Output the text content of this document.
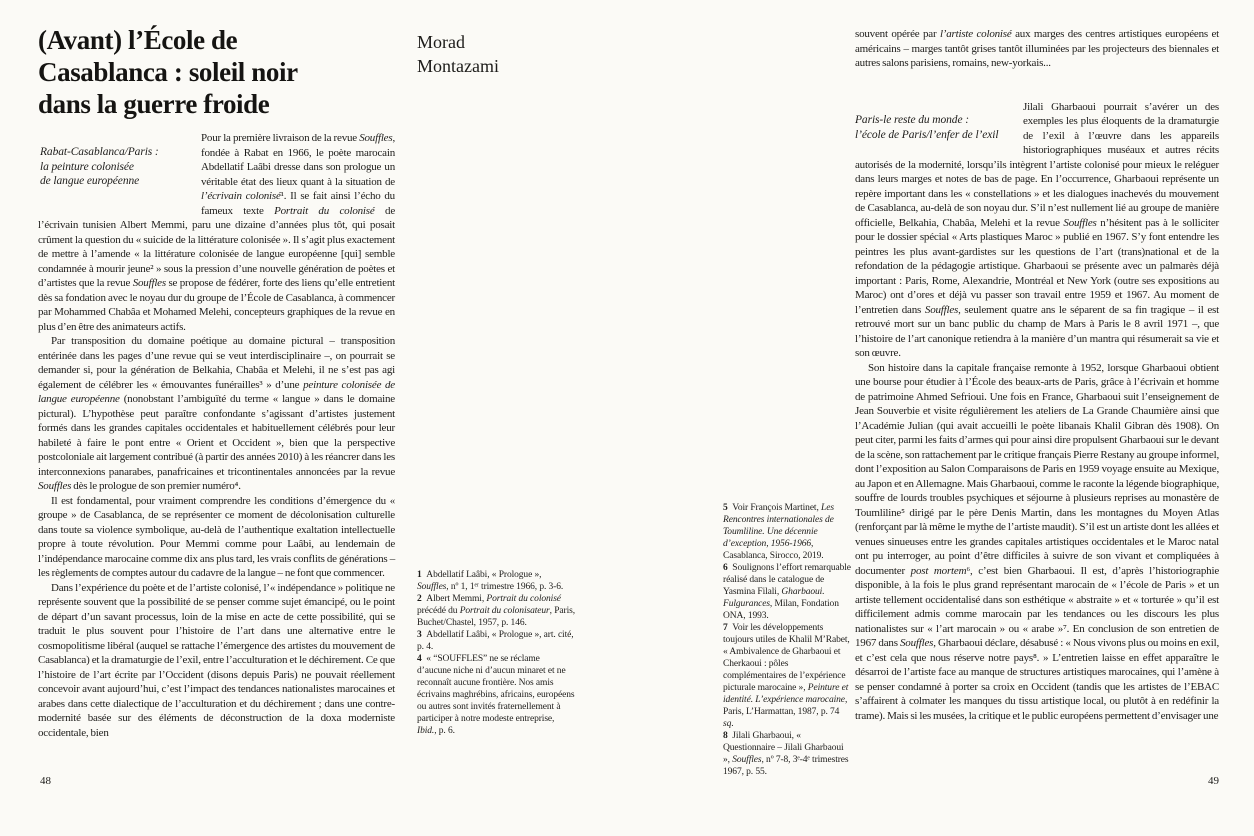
(Avant) l’École de
Casablanca : soleil noir
dans la guerre froide
Morad
Montazami
Rabat-Casablanca/Paris :
la peinture colonisée
de langue européenne

Pour la première livraison de la revue Souffles, fondée à Rabat en 1966, le poète marocain Abdellatif Laâbi dresse dans son prologue un véritable état des lieux quant à la situation de l’écrivain colonisé¹. Il se fait ainsi l’écho du fameux texte Portrait du colonisé de l’écrivain tunisien Albert Memmi, paru une dizaine d’années plus tôt, qui posait crûment la question du « suicide de la littérature colonisée ». Il s’agit plus exactement de mettre à l’amende « la littérature colonisée de langue européenne [qui] semble condamnée à mourir jeune² » sous la pression d’une nouvelle génération de poètes et d’artistes que la revue Souffles se propose de fédérer, forte des liens qu’elle entretient dès sa fondation avec le noyau dur du groupe de l’École de Casablanca, à commencer par Mohammed Chabâa et Mohamed Melehi, concepteurs graphiques de la revue en plus d’en être des animateurs actifs.

Par transposition du domaine poétique au domaine pictural – transposition entérinée dans les pages d’une revue qui se veut interdisciplinaire –, on pourrait se demander si, pour la génération de Belkahia, Chabâa et Melehi, il ne s’est pas agi également de célébrer les « émouvantes funérailles³ » d’une peinture colonisée de langue européenne (nonobstant l’ambiguïté du terme « langue » dans le domaine pictural). L’hypothèse peut paraître confondante s’agissant d’artistes justement formés dans les grandes capitales occidentales et habituellement célébrés pour leur habileté à faire le pont entre « Orient et Occident », bien que la perspective postcoloniale ait largement contribué (à partir des années 2010) à les réancrer dans les interconnexions panarabes, panafricaines et tricontinentales annoncées par la revue Souffles dès le prologue de son premier numéro⁴.

Il est fondamental, pour vraiment comprendre les conditions d’émergence du « groupe » de Casablanca, de se représenter ce moment de décolonisation culturelle dans toute sa violence symbolique, au-delà de l’authentique exaltation intellectuelle propre à toute révolution. Pour Memmi comme pour Laâbi, au lendemain de l’indépendance marocaine comme dix ans plus tard, les vrais conflits de générations – les règlements de comptes autour du cadavre de la langue – ne font que commencer.

Dans l’expérience du poète et de l’artiste colonisé, l’« indépendance » politique ne représente souvent que la possibilité de se penser comme sujet émancipé, ou le point de départ d’un savant processus, loin de la mise en acte de cette possibilité, qui se traduit le plus souvent pour l’histoire de l’art dans une alternative entre le cosmopolitisme libéral (auquel se rattache l’émergence des artistes du mouvement de Casablanca) et la dramaturgie de l’exil, entre l’acculturation et le déchirement. Ce que l’histoire de l’art écrite par l’Occident (disons depuis Paris) ne pouvait réellement concevoir avant aujourd’hui, c’est l’impact des tendances nationalistes marocaines et arabes dans cette dialectique de l’acculturation et du déchirement ; dans une contre-modernité basée sur des éléments de déconstruction de la doxa moderniste occidentale, bien

1 Abdellatif Laâbi, « Prologue », Souffles, nº 1, 1ᵉʳ trimestre 1966, p. 3-6.

2 Albert Memmi, Portrait du colonisé précédé du Portrait du colonisateur, Paris, Buchet/Chastel, 1957, p. 146.

3 Abdellatif Laâbi, « Prologue », art. cité, p. 4.

4 « “SOUFFLES” ne se réclame d’aucune niche ni d’aucun minaret et ne reconnaît aucune frontière. Nos amis écrivains maghrébins, africains, européens ou autres sont invités fraternellement à participer à notre modeste entreprise, Ibid., p. 6.

5 Voir François Martinet, Les Rencontres internationales de Toumliline. Une décennie d’exception, 1956-1966, Casablanca, Sirocco, 2019.

6 Soulignons l’effort remarquable réalisé dans le catalogue de Yasmina Filali, Gharbaoui. Fulgurances, Milan, Fondation ONA, 1993.

7 Voir les développements toujours utiles de Khalil M’Rabet, « Ambivalence de Gharbaoui et Cherkaoui : pôles complémentaires de l’expérience picturale marocaine », Peinture et identité. L’expérience marocaine, Paris, L’Harmattan, 1987, p. 74 sq.

8 Jilali Gharbaoui, « Questionnaire – Jilali Gharbaoui », Souffles, nº 7-8, 3ᵉ-4ᵉ trimestres 1967, p. 55.

Paris-le reste du monde :
l’école de Paris/l’enfer de l’exil

souvent opérée par l’artiste colonisé aux marges des centres artistiques européens et américains – marges tantôt grises tantôt illuminées par les projecteurs des biennales et autres salons parisiens, romains, new-yorkais...

Jilali Gharbaoui pourrait s’avérer un des exemples les plus éloquents de la dramaturgie de l’exil à l’œuvre dans les appareils historiographiques muséaux et autres récits autorisés de la modernité, lorsqu’ils intègrent l’artiste colonisé pour mieux le reléguer dans leurs marges et notes de bas de page. En l’occurrence, Gharbaoui représente un repère important dans les « constellations » et les dialogues inachevés du mouvement de Casablanca, au-delà de son noyau dur. S’il n’est nullement lié au groupe de manière officielle, Belkahia, Chabâa, Melehi et la revue Souffles n’hésitent pas à le solliciter pour le dossier spécial « Arts plastiques Maroc » publié en 1967. S’y font entendre les peintres les plus avant-gardistes sur les questions de l’art (trans)national et de la refondation de la pédagogie artistique. Gharbaoui se présente avec un palmarès déjà important : Paris, Rome, Alexandrie, Montréal et New York (outre ses expositions au Maroc) ont d’ores et déjà vu passer son travail entre 1959 et 1967. Au moment de l’entretien dans Souffles, seulement quatre ans le séparent de sa fin tragique – il est retrouvé mort sur un banc public du champ de Mars à Paris le 8 avril 1971 –, que l’histoire de l’art canonique retiendra à la manière d’un mantra qui résumerait sa vie et son œuvre.

Son histoire dans la capitale française remonte à 1952, lorsque Gharbaoui obtient une bourse pour étudier à l’École des beaux-arts de Paris, grâce à l’écrivain et homme de patrimoine Ahmed Sefrioui. Une fois en France, Gharbaoui suit l’enseignement de Jean Souverbie et visite régulièrement les ateliers de La Grande Chaumière ainsi que l’Académie Julian (qui avait accueilli le poète libanais Khalil Gibran dès 1908). On peut citer, parmi les faits d’armes qui pour ainsi dire propulsent Gharbaoui sur le devant de la scène, son rattachement par le critique français Pierre Restany au groupe informel, dont l’exposition au Salon Comparaisons de Paris en 1959 voyage ensuite au Mexique, au Japon et en Allemagne. Mais Gharbaoui, comme le raconte la légende biographique, souffre de lourds troubles psychiques et séjourne à plusieurs reprises au monastère de Toumliline⁵ dirigé par le père Denis Martin, dans les montagnes du Moyen Atlas (renforçant par là même le mythe de l’artiste maudit). S’il est un artiste dont les allées et venues sinueuses entre les grandes capitales artistiques occidentales et le Maroc natal ont pu interroger, au point d’être difficiles à suivre de son vivant et compliquées à documenter post mortem⁶, c’est bien Gharbaoui. Il est, d’après l’historiographie disponible, à la fois le plus grand représentant marocain de « l’école de Paris » et un artiste tellement occidentalisé dans son esthétique « abstraite » et « torturée » qu’il est difficilement admis comme marocain par les tendances ou les discours les plus nationalistes sur « l’art marocain » ou « arabe »⁷. En conclusion de son entretien de 1967 dans Souffles, Gharbaoui déclare, désabusé : « Nous vivons plus ou moins en exil, et c’est cela que nous réserve notre pays⁸. » L’entretien laisse en effet apparaître le désarroi de l’artiste face au manque de structures artistiques marocaines, qui l’amène à se penser condamné à porter sa croix en Occident (tandis que les artistes de l’EBAC s’affairent à colmater les manques du tissu artistique local, ou plutôt à en redéfinir la trame). Mais si les musées, la critique et le public européens permettent d’envisager une

48	49
